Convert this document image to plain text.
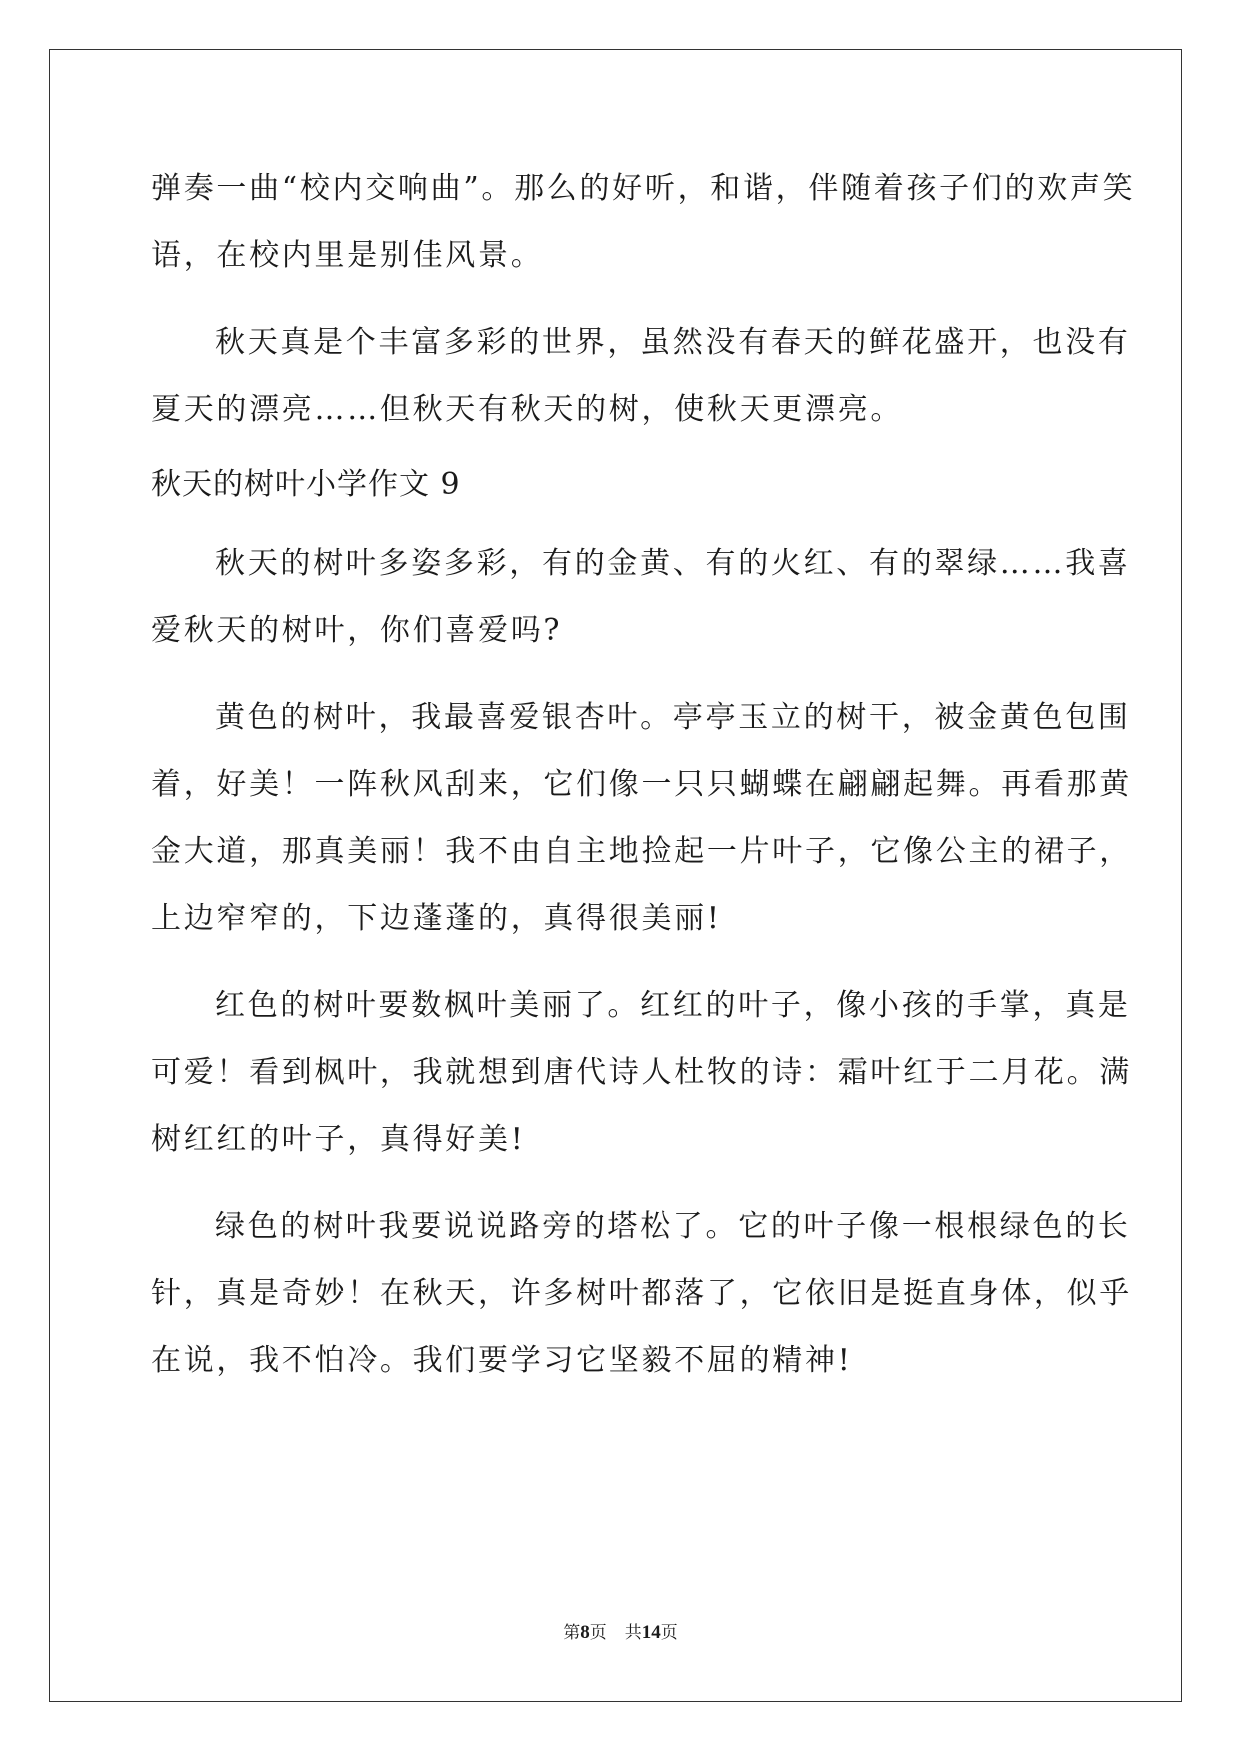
弹奏一曲“校内交响曲”。那么的好听，和谐，伴随着孩子们的欢声笑
语，在校内里是别佳风景。
秋天真是个丰富多彩的世界，虽然没有春天的鲜花盛开，也没有
夏天的漂亮……但秋天有秋天的树，使秋天更漂亮。
秋天的树叶小学作文 9
秋天的树叶多姿多彩，有的金黄、有的火红、有的翠绿……我喜
爱秋天的树叶，你们喜爱吗?
黄色的树叶，我最喜爱银杏叶。亭亭玉立的树干，被金黄色包围
着，好美！一阵秋风刮来，它们像一只只蝴蝶在翩翩起舞。再看那黄
金大道，那真美丽！我不由自主地捡起一片叶子，它像公主的裙子，
上边窄窄的，下边蓬蓬的，真得很美丽!
红色的树叶要数枫叶美丽了。红红的叶子，像小孩的手掌，真是
可爱！看到枫叶，我就想到唐代诗人杜牧的诗：霜叶红于二月花。满
树红红的叶子，真得好美!
绿色的树叶我要说说路旁的塔松了。它的叶子像一根根绿色的长
针，真是奇妙！在秋天，许多树叶都落了，它依旧是挺直身体，似乎
在说，我不怕冷。我们要学习它坚毅不屈的精神!
第8页 共14页
